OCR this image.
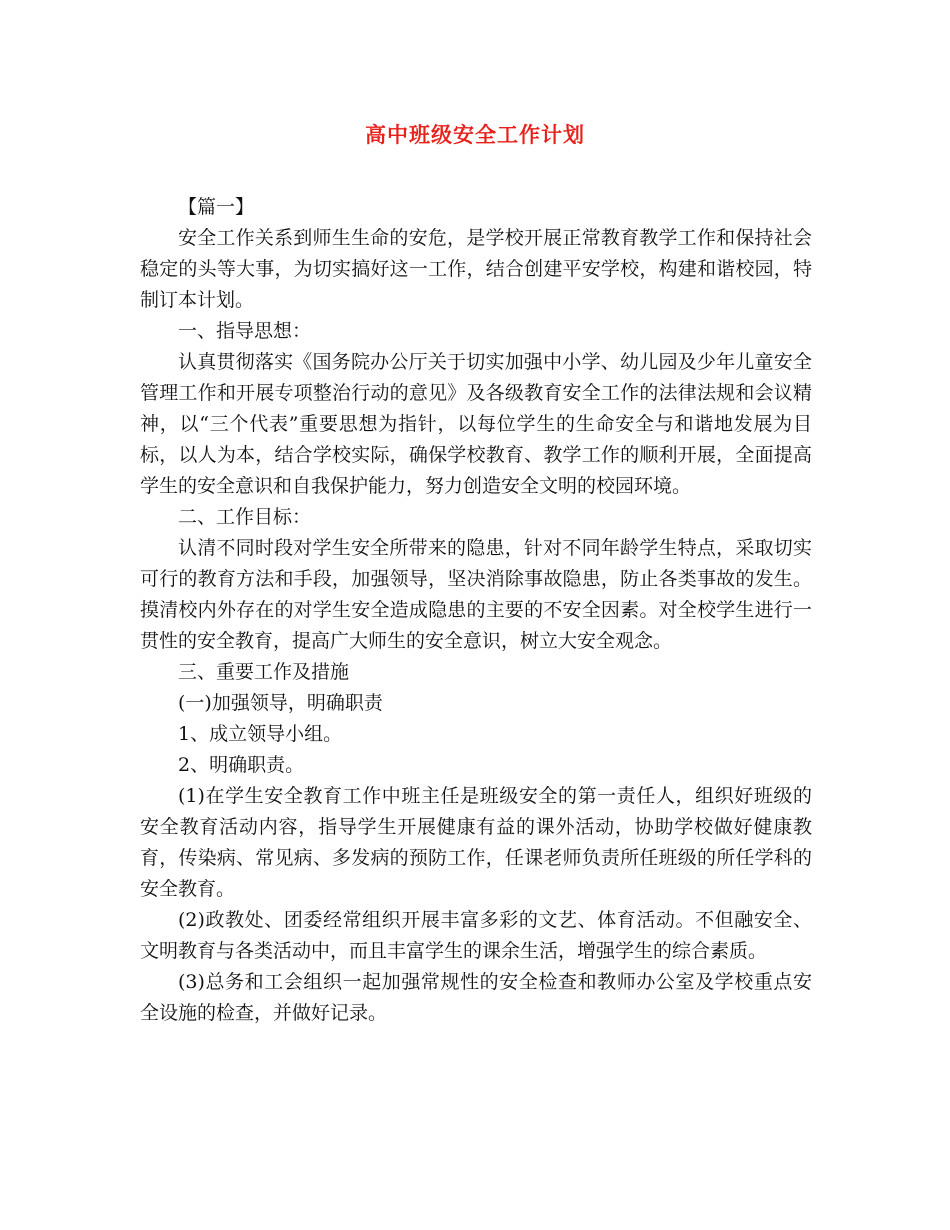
高中班级安全工作计划

【篇一】

安全工作关系到师生生命的安危，是学校开展正常教育教学工作和保持社会稳定的头等大事，为切实搞好这一工作，结合创建平安学校，构建和谐校园，特制订本计划。

一、指导思想：

认真贯彻落实《国务院办公厅关于切实加强中小学、幼儿园及少年儿童安全管理工作和开展专项整治行动的意见》及各级教育安全工作的法律法规和会议精神，以“三个代表”重要思想为指针，以每位学生的生命安全与和谐地发展为目标，以人为本，结合学校实际，确保学校教育、教学工作的顺利开展，全面提高学生的安全意识和自我保护能力，努力创造安全文明的校园环境。

二、工作目标：

认清不同时段对学生安全所带来的隐患，针对不同年龄学生特点，采取切实可行的教育方法和手段，加强领导，坚决消除事故隐患，防止各类事故的发生。摸清校内外存在的对学生安全造成隐患的主要的不安全因素。对全校学生进行一贯性的安全教育，提高广大师生的安全意识，树立大安全观念。

三、重要工作及措施

(一)加强领导，明确职责

1、成立领导小组。

2、明确职责。

(1)在学生安全教育工作中班主任是班级安全的第一责任人，组织好班级的安全教育活动内容，指导学生开展健康有益的课外活动，协助学校做好健康教育，传染病、常见病、多发病的预防工作，任课老师负责所任班级的所任学科的安全教育。

(2)政教处、团委经常组织开展丰富多彩的文艺、体育活动。不但融安全、文明教育与各类活动中，而且丰富学生的课余生活，增强学生的综合素质。

(3)总务和工会组织一起加强常规性的安全检查和教师办公室及学校重点安全设施的检查，并做好记录。
